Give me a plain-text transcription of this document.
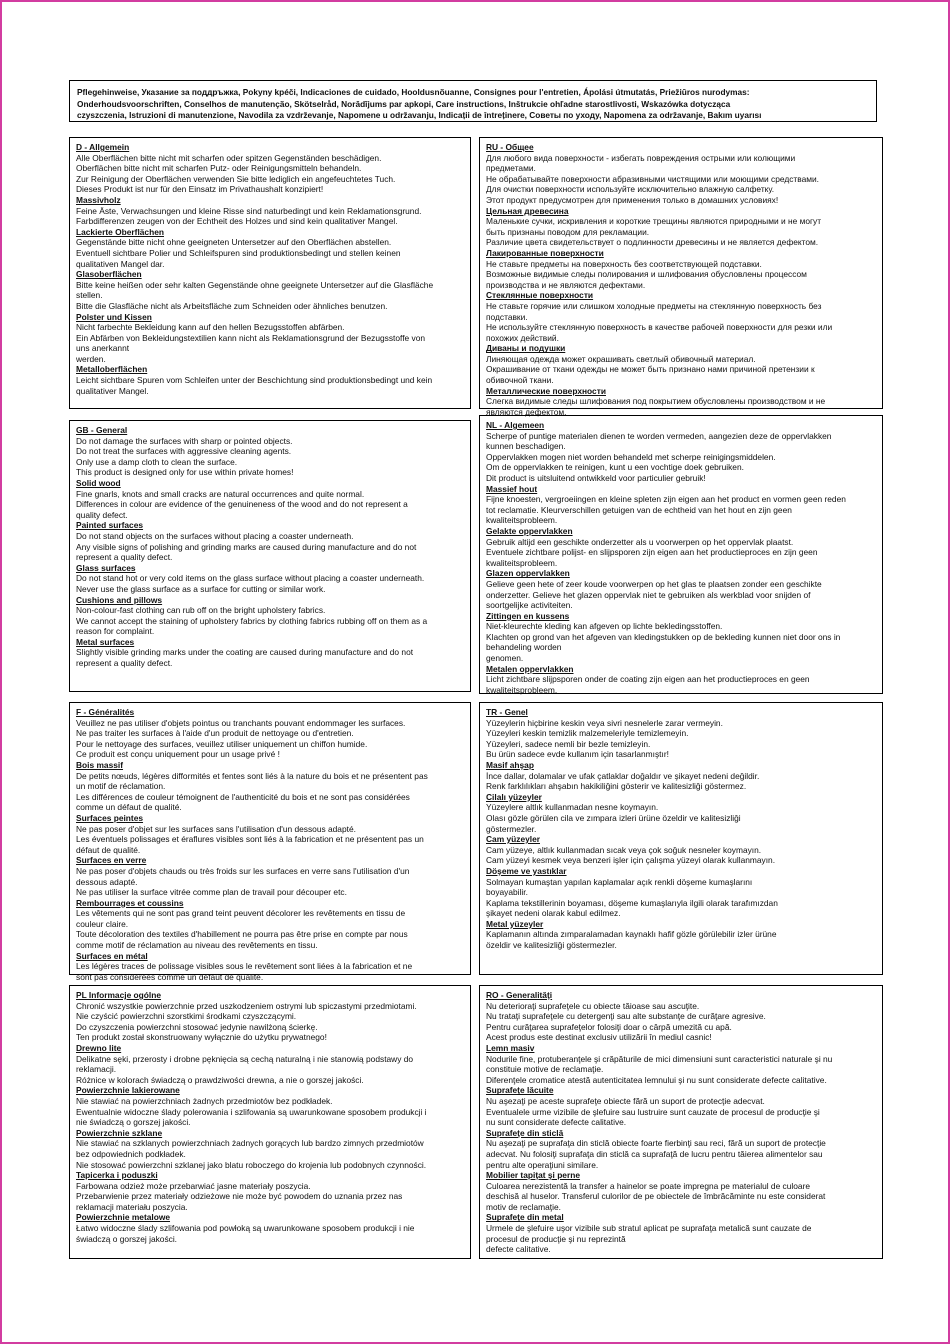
Pflegehinweise, Указание за поддръжка, Pokyny kpéči, Indicaciones de cuidado, Hooldusnõuanne, Consignes pour l'entretien, Ápolási útmutatás, Priežiūros nurodymas:
Onderhoudsvoorschriften, Conselhos de manutenção, Skötselråd, Norādījums par apkopi, Care instructions, Inštrukcie ohľadne starostlivosti, Wskazówka dotycząca
czyszczenia, Istruzioni di manutenzione, Navodila za vzdrževanje, Napomene u održavanju, Indicații de întreținere, Советы по уходу, Napomena za održavanje, Bakım uyarısı
D - Allgemein
Alle Oberflächen bitte nicht mit scharfen oder spitzen Gegenständen beschädigen.
Oberflächen bitte nicht mit scharfen Putz- oder Reinigungsmitteln behandeln.
Zur Reinigung der Oberflächen verwenden Sie bitte lediglich ein angefeuchtetes Tuch.
Dieses Produkt ist nur für den Einsatz im Privathaushalt konzipiert!
Massivholz
Feine Äste, Verwachsungen und kleine Risse sind naturbedingt und kein Reklamationsgrund.
Farbdifferenzen zeugen von der Echtheit des Holzes und sind kein qualitativer Mangel.
Lackierte Oberflächen
Gegenstände bitte nicht ohne geeigneten Untersetzer auf den Oberflächen abstellen.
Eventuell sichtbare Polier und Schleifspuren sind produktionsbedingt und stellen keinen
qualitativen Mangel dar.
Glasoberflächen
Bitte keine heißen oder sehr kalten Gegenstände ohne geeignete Untersetzer auf die Glasfläche
stellen.
Bitte die Glasfläche nicht als Arbeitsfläche zum Schneiden oder ähnliches benutzen.
Polster und Kissen
Nicht farbechte Bekleidung kann auf den hellen Bezugsstoffen abfärben.
Ein Abfärben von Bekleidungstextilien kann nicht als Reklamationsgrund der Bezugsstoffe von
uns anerkannt
werden.
Metalloberflächen
Leicht sichtbare Spuren vom Schleifen unter der Beschichtung sind produktionsbedingt und kein
qualitativer Mangel.
RU - Общее
Для любого вида поверхности - избегать повреждения острыми или колющими
предметами.
Не обрабатывайте поверхности абразивными чистящими или моющими средствами.
Для очистки поверхности используйте исключительно влажную салфетку.
Этот продукт предусмотрен для применения только в домашних условиях!
Цельная древесина
Маленькие сучки, искривления и короткие трещины являются природными и не могут
быть признаны поводом для рекламации.
Различие цвета свидетельствует о подлинности древесины и не является дефектом.
Лакированные поверхности
Не ставьте предметы на поверхность без соответствующей подставки.
Возможные видимые следы полирования и шлифования обусловлены процессом
производства и не являются дефектами.
Стеклянные поверхности
Не ставьте горячие или слишком холодные предметы на стеклянную поверхность без
подставки.
Не используйте стеклянную поверхность в качестве рабочей поверхности для резки или
похожих действий.
Диваны и подушки
Линяющая одежда может окрашивать светлый обивочный материал.
Окрашивание от ткани одежды не может быть признано нами причиной претензии к
обивочной ткани.
Металлические поверхности
Слегка видимые следы шлифования под покрытием обусловлены производством и не
являются дефектом.
GB - General
Do not damage the surfaces with sharp or pointed objects.
Do not treat the surfaces with aggressive cleaning agents.
Only use a damp cloth to clean the surface.
This product is designed only for use within private homes!
Solid wood
Fine gnarls, knots and small cracks are natural occurrences and quite normal.
Differences in colour are evidence of the genuineness of the wood and do not represent a
quality defect.
Painted surfaces
Do not stand objects on the surfaces without placing a coaster underneath.
Any visible signs of polishing and grinding marks are caused during manufacture and do not
represent a quality defect.
Glass surfaces
Do not stand hot or very cold items on the glass surface without placing a coaster underneath.
Never use the glass surface as a surface for cutting or similar work.
Cushions and pillows
Non-colour-fast clothing can rub off on the bright upholstery fabrics.
We cannot accept the staining of upholstery fabrics by clothing fabrics rubbing off on them as a
reason for complaint.
Metal surfaces
Slightly visible grinding marks under the coating are caused during manufacture and do not
represent a quality defect.
NL - Algemeen
Scherpe of puntige materialen dienen te worden vermeden, aangezien deze de oppervlakken
kunnen beschadigen.
Oppervlakken mogen niet worden behandeld met scherpe reinigingsmiddelen.
Om de oppervlakken te reinigen, kunt u een vochtige doek gebruiken.
Dit product is uitsluitend ontwikkeld voor particulier gebruik!
Massief hout
Fijne knoesten, vergroeiingen en kleine spleten zijn eigen aan het product en vormen geen reden
tot reclamatie. Kleurverschillen getuigen van de echtheid van het hout en zijn geen
kwaliteitsprobleem.
Gelakte oppervlakken
Gebruik altijd een geschikte onderzetter als u voorwerpen op het oppervlak plaatst.
Eventuele zichtbare polijst- en slijpsporen zijn eigen aan het productieproces en zijn geen
kwaliteitsprobleem.
Glazen oppervlakken
Gelieve geen hete of zeer koude voorwerpen op het glas te plaatsen zonder een geschikte
onderzetter. Gelieve het glazen oppervlak niet te gebruiken als werkblad voor snijden of
soortgelijke activiteiten.
Zittingen en kussens
Niet-kleurechte kleding kan afgeven op lichte bekledingsstoffen.
Klachten op grond van het afgeven van kledingstukken op de bekleding kunnen niet door ons in
behandeling worden
genomen.
Metalen oppervlakken
Licht zichtbare slijpsporen onder de coating zijn eigen aan het productieproces en geen
kwaliteitsprobleem.
F - Généralités
Veuillez ne pas utiliser d'objets pointus ou tranchants pouvant endommager les surfaces.
Ne pas traiter les surfaces à l'aide d'un produit de nettoyage ou d'entretien.
Pour le nettoyage des surfaces, veuillez utiliser uniquement un chiffon humide.
Ce produit est conçu uniquement pour un usage privé !
Bois massif
De petits nœuds, légères difformités et fentes sont liés à la nature du bois et ne présentent pas
un motif de réclamation.
Les différences de couleur témoignent de l'authenticité du bois et ne sont pas considérées
comme un défaut de qualité.
Surfaces peintes
Ne pas poser d'objet sur les surfaces sans l'utilisation d'un dessous adapté.
Les éventuels polissages et éraflures visibles sont liés à la fabrication et ne présentent pas un
défaut de qualité.
Surfaces en verre
Ne pas poser d'objets chauds ou très froids sur les surfaces en verre sans l'utilisation d'un
dessous adapté.
Ne pas utiliser la surface vitrée comme plan de travail pour découper etc.
Rembourrages et coussins
Les vêtements qui ne sont pas grand teint peuvent décolorer les revêtements en tissu de
couleur claire.
Toute décoloration des textiles d'habillement ne pourra pas être prise en compte par nous
comme motif de réclamation au niveau des revêtements en tissu.
Surfaces en métal
Les légères traces de polissage visibles sous le revêtement sont liées à la fabrication et ne
sont pas considérées comme un défaut de qualité.
TR - Genel
Yüzeylerin hiçbirine keskin veya sivri nesnelerle zarar vermeyin.
Yüzeyleri keskin temizlik malzemeleriyle temizlemeyin.
Yüzeyleri, sadece nemli bir bezle temizleyin.
Bu ürün sadece evde kullanım için tasarlanmıştır!
Masif ahşap
İnce dallar, dolamalar ve ufak çatlaklar doğaldır ve şikayet nedeni değildir.
Renk farklılıkları ahşabın hakikiliğini gösterir ve kalitesizliği göstermez.
Cilalı yüzeyler
Yüzeylere altlık kullanmadan nesne koymayın.
Olası gözle görülen cila ve zımpara izleri ürüne özeldir ve kalitesizliği
göstermezler.
Cam yüzeyler
Cam yüzeye, altlık kullanmadan sıcak veya çok soğuk nesneler koymayın.
Cam yüzeyi kesmek veya benzeri işler için çalışma yüzeyi olarak kullanmayın.
Döşeme ve yastıklar
Solmayan kumaştan yapılan kaplamalar açık renkli döşeme kumaşlarını
boyayabilir.
Kaplama tekstillerinin boyaması, döşeme kumaşlarıyla ilgili olarak tarafımızdan
şikayet nedeni olarak kabul edilmez.
Metal yüzeyler
Kaplamanın altında zımparalamadan kaynaklı hafif gözle görülebilir izler ürüne
özeldir ve kalitesizliği göstermezler.
PL Informacje ogólne
Chronić wszystkie powierzchnie przed uszkodzeniem ostrymi lub spiczastymi przedmiotami.
Nie czyścić powierzchni szorstkimi środkami czyszczącymi.
Do czyszczenia powierzchni stosować jedynie nawilżoną ścierkę.
Ten produkt został skonstruowany wyłącznie do użytku prywatnego!
Drewno lite
Delikatne sęki, przerosty i drobne pęknięcia są cechą naturalną i nie stanowią podstawy do
reklamacji.
Różnice w kolorach świadczą o prawdziwości drewna, a nie o gorszej jakości.
Powierzchnie lakierowane
Nie stawiać na powierzchniach żadnych przedmiotów bez podkładek.
Ewentualnie widoczne ślady polerowania i szlifowania są uwarunkowane sposobem produkcji i
nie świadczą o gorszej jakości.
Powierzchnie szklane
Nie stawiać na szklanych powierzchniach żadnych gorących lub bardzo zimnych przedmiotów
bez odpowiednich podkładek.
Nie stosować powierzchni szklanej jako blatu roboczego do krojenia lub podobnych czynności.
Tapicerka i poduszki
Farbowana odzież może przebarwiać jasne materiały poszycia.
Przebarwienie przez materiały odzieżowe nie może być powodem do uznania przez nas
reklamacji materiału poszycia.
Powierzchnie metalowe
Łatwo widoczne ślady szlifowania pod powłoką są uwarunkowane sposobem produkcji i nie
świadczą o gorszej jakości.
RO - Generalităţi
Nu deterioraţi suprafeţele cu obiecte tăioase sau ascuţite.
Nu trataţi suprafeţele cu detergenţi sau alte substanţe de curăţare agresive.
Pentru curăţarea suprafeţelor folosiţi doar o cârpă umezită cu apă.
Acest produs este destinat exclusiv utilizării în mediul casnic!
Lemn masiv
Nodurile fine, protuberanţele şi crăpăturile de mici dimensiuni sunt caracteristici naturale şi nu
constituie motive de reclamaţie.
Diferenţele cromatice atestă autenticitatea lemnului şi nu sunt considerate defecte calitative.
Suprafeţe lăcuite
Nu aşezaţi pe aceste suprafeţe obiecte fără un suport de protecţie adecvat.
Eventualele urme vizibile de şlefuire sau lustruire sunt cauzate de procesul de producţie şi
nu sunt considerate defecte calitative.
Suprafeţe din sticlă
Nu aşezaţi pe suprafaţa din sticlă obiecte foarte fierbinţi sau reci, fără un suport de protecţie
adecvat. Nu folosiţi suprafaţa din sticlă ca suprafaţă de lucru pentru tăierea alimentelor sau
pentru alte operaţiuni similare.
Mobilier tapiţat şi perne
Culoarea nerezistentă la transfer a hainelor se poate impregna pe materialul de culoare
deschisă al huselor. Transferul culorilor de pe obiectele de îmbrăcăminte nu este considerat
motiv de reclamaţie.
Suprafeţe din metal
Urmele de şlefuire uşor vizibile sub stratul aplicat pe suprafaţa metalică sunt cauzate de
procesul de producţie şi nu reprezintă
defecte calitative.
